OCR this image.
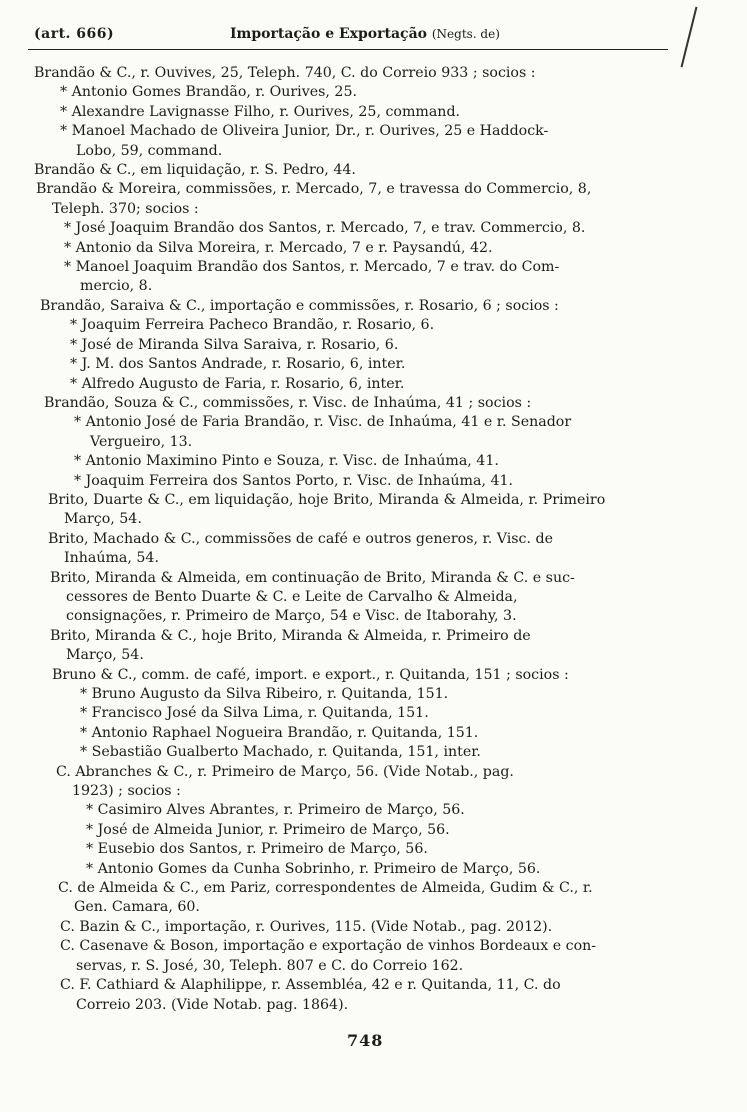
(art. 666)	Importação e Exportação (Negts. de)
Brandão & C., r. Ouvives, 25, Teleph. 740, C. do Correio 933 ; socios :
* Antonio Gomes Brandão, r. Ourives, 25.
* Alexandre Lavignasse Filho, r. Ourives, 25, command.
* Manoel Machado de Oliveira Junior, Dr., r. Ourives, 25 e Haddock-
Lobo, 59, command.
Brandão & C., em liquidação, r. S. Pedro, 44.
Brandão & Moreira, commissões, r. Mercado, 7, e travessa do Commercio, 8,
Teleph. 370; socios :
* José Joaquim Brandão dos Santos, r. Mercado, 7, e trav. Commercio, 8.
* Antonio da Silva Moreira, r. Mercado, 7 e r. Paysandú, 42.
* Manoel Joaquim Brandão dos Santos, r. Mercado, 7 e trav. do Com-
mercio, 8.
Brandão, Saraiva & C., importação e commissões, r. Rosario, 6 ; socios :
* Joaquim Ferreira Pacheco Brandão, r. Rosario, 6.
* José de Miranda Silva Saraiva, r. Rosario, 6.
* J. M. dos Santos Andrade, r. Rosario, 6, inter.
* Alfredo Augusto de Faria, r. Rosario, 6, inter.
Brandão, Souza & C., commissões, r. Visc. de Inhaúma, 41 ; socios :
* Antonio José de Faria Brandão, r. Visc. de Inhaúma, 41 e r. Senador
Vergueiro, 13.
* Antonio Maximino Pinto e Souza, r. Visc. de Inhaúma, 41.
* Joaquim Ferreira dos Santos Porto, r. Visc. de Inhaúma, 41.
Brito, Duarte & C., em liquidação, hoje Brito, Miranda & Almeida, r. Primeiro
Março, 54.
Brito, Machado & C., commissões de café e outros generos, r. Visc. de
Inhaúma, 54.
Brito, Miranda & Almeida, em continuação de Brito, Miranda & C. e suc-
cessores de Bento Duarte & C. e Leite de Carvalho & Almeida,
consignações, r. Primeiro de Março, 54 e Visc. de Itaborahy, 3.
Brito, Miranda & C., hoje Brito, Miranda & Almeida, r. Primeiro de
Março, 54.
Bruno & C., comm. de café, import. e export., r. Quitanda, 151 ; socios :
* Bruno Augusto da Silva Ribeiro, r. Quitanda, 151.
* Francisco José da Silva Lima, r. Quitanda, 151.
* Antonio Raphael Nogueira Brandão, r. Quitanda, 151.
* Sebastião Gualberto Machado, r. Quitanda, 151, inter.
C. Abranches & C., r. Primeiro de Março, 56. (Vide Notab., pag.
1923) ; socios :
* Casimiro Alves Abrantes, r. Primeiro de Março, 56.
* José de Almeida Junior, r. Primeiro de Março, 56.
* Eusebio dos Santos, r. Primeiro de Março, 56.
* Antonio Gomes da Cunha Sobrinho, r. Primeiro de Março, 56.
C. de Almeida & C., em Pariz, correspondentes de Almeida, Gudim & C., r.
Gen. Camara, 60.
C. Bazin & C., importação, r. Ourives, 115. (Vide Notab., pag. 2012).
C. Casenave & Boson, importação e exportação de vinhos Bordeaux e con-
servas, r. S. José, 30, Teleph. 807 e C. do Correio 162.
C. F. Cathiard & Alaphilippe, r. Assembléa, 42 e r. Quitanda, 11, C. do
Correio 203. (Vide Notab. pag. 1864).
748
